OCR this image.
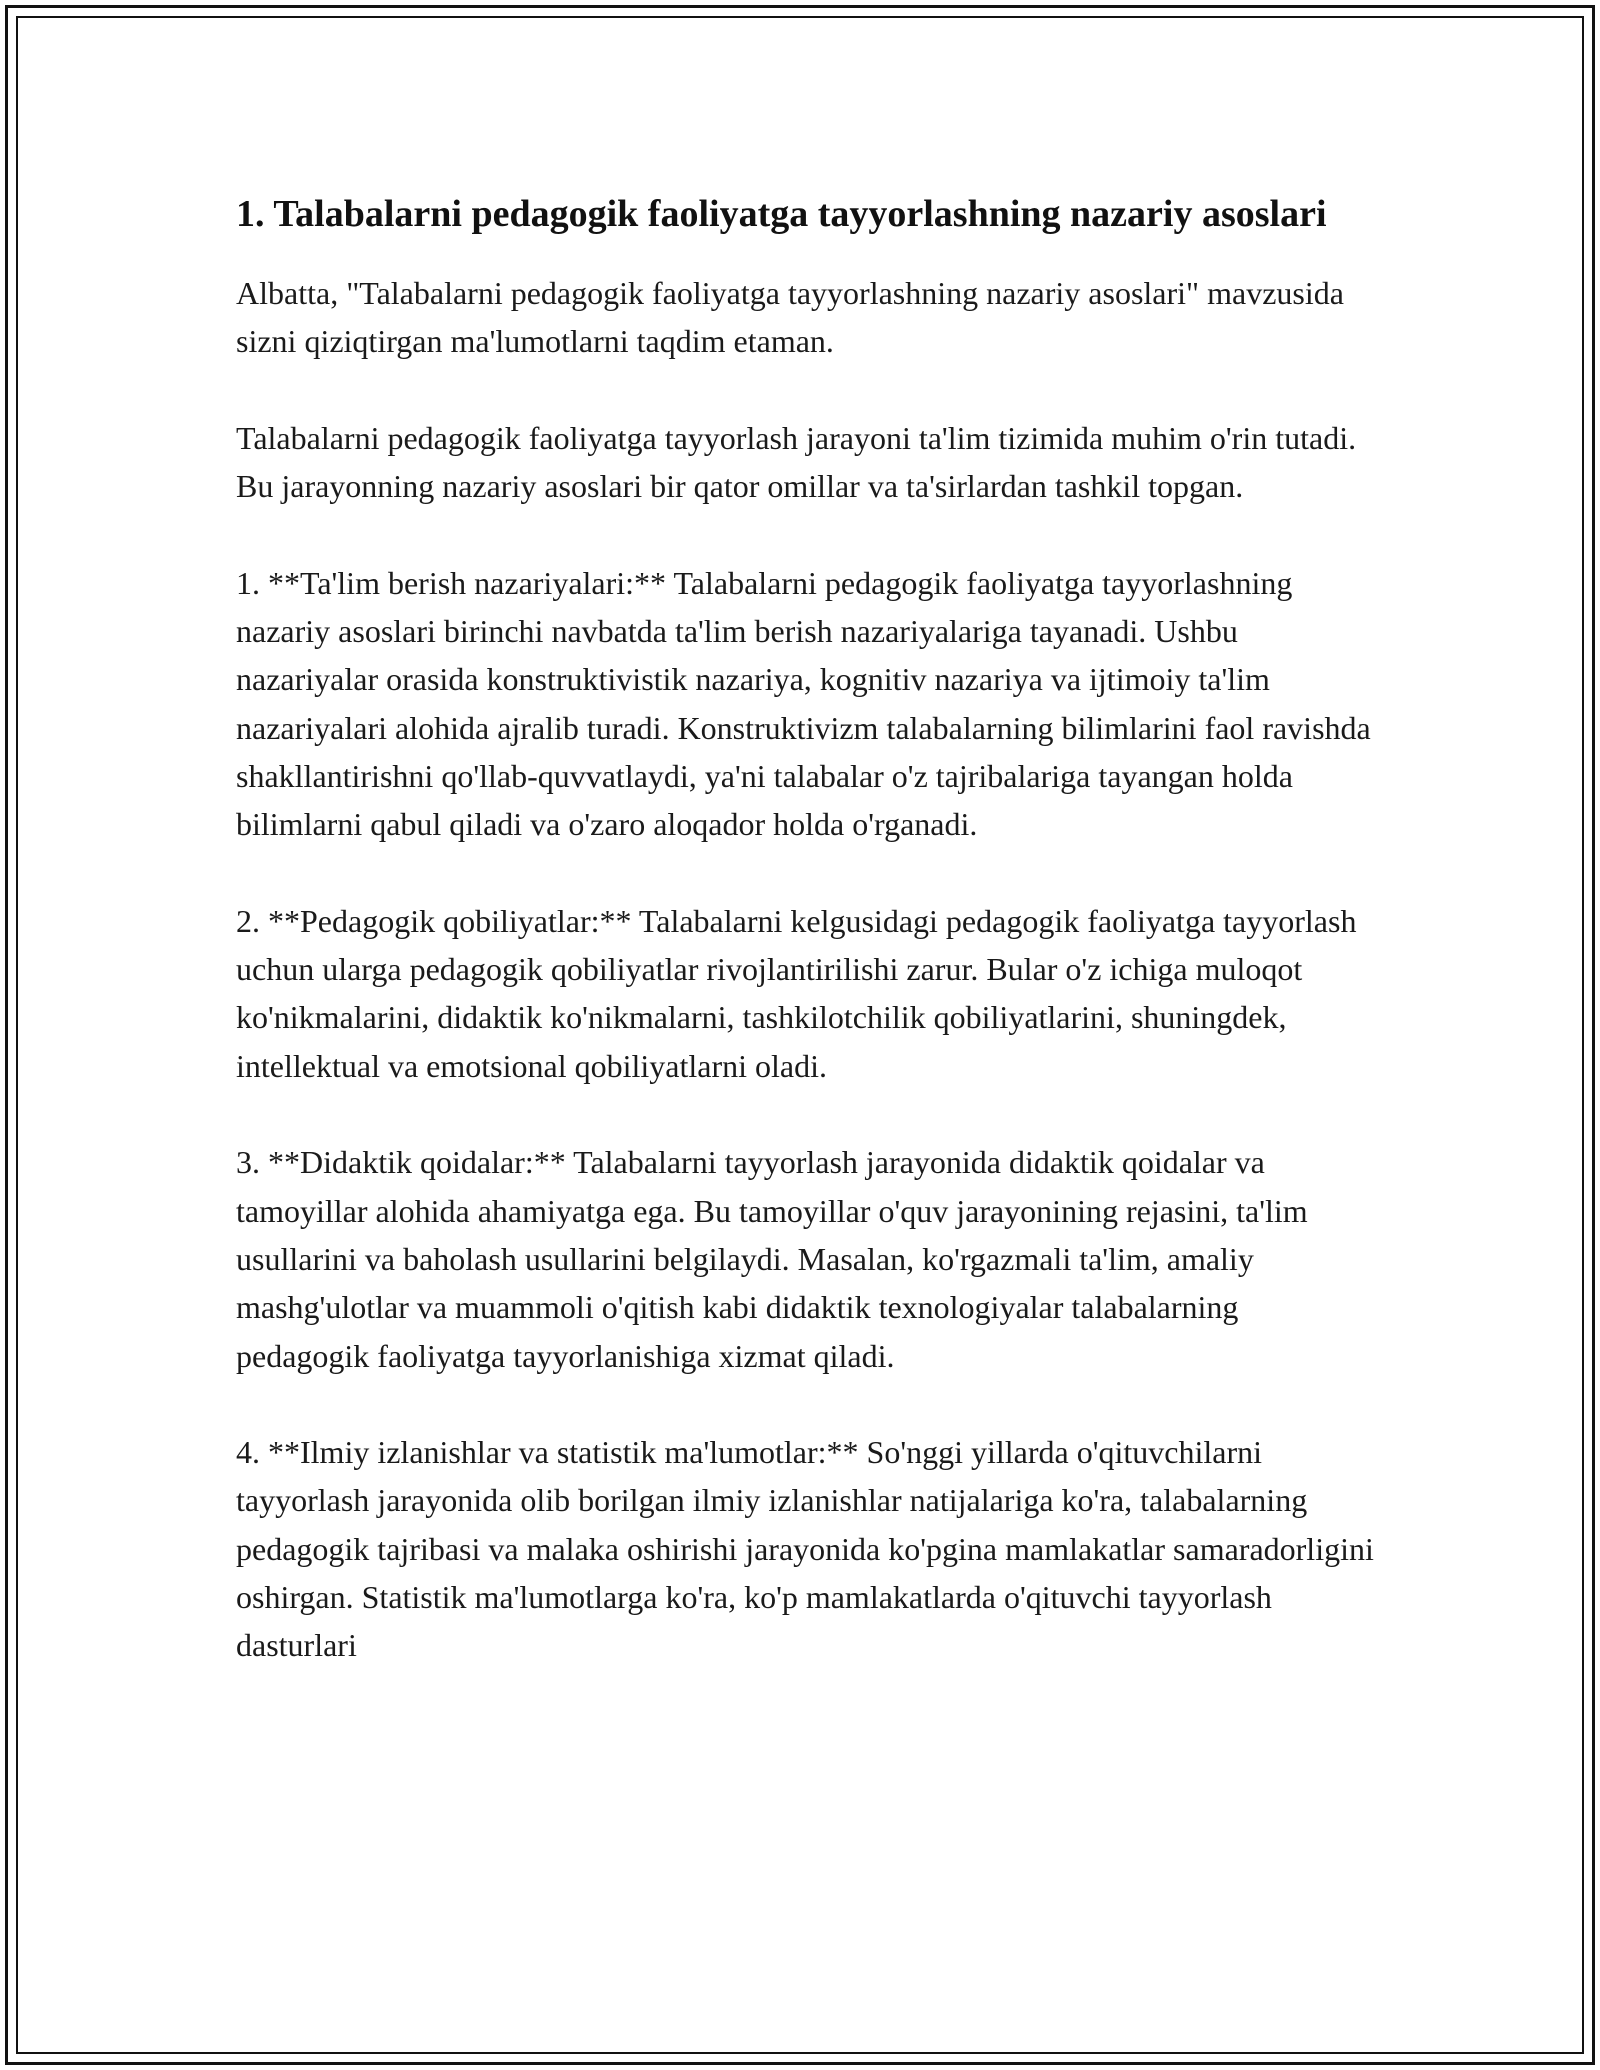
1. Talabalarni pedagogik faoliyatga tayyorlashning nazariy asoslari

Albatta, "Talabalarni pedagogik faoliyatga tayyorlashning nazariy asoslari" mavzusida sizni qiziqtirgan ma'lumotlarni taqdim etaman.

Talabalarni pedagogik faoliyatga tayyorlash jarayoni ta'lim tizimida muhim o'rin tutadi. Bu jarayonning nazariy asoslari bir qator omillar va ta'sirlardan tashkil topgan.

1. **Ta'lim berish nazariyalari:** Talabalarni pedagogik faoliyatga tayyorlashning nazariy asoslari birinchi navbatda ta'lim berish nazariyalariga tayanadi. Ushbu nazariyalar orasida konstruktivistik nazariya, kognitiv nazariya va ijtimoiy ta'lim nazariyalari alohida ajralib turadi. Konstruktivizm talabalarning bilimlarini faol ravishda shakllantirishni qo'llab-quvvatlaydi, ya'ni talabalar o'z tajribalariga tayangan holda bilimlarni qabul qiladi va o'zaro aloqador holda o'rganadi.

2. **Pedagogik qobiliyatlar:** Talabalarni kelgusidagi pedagogik faoliyatga tayyorlash uchun ularga pedagogik qobiliyatlar rivojlantirilishi zarur. Bular o'z ichiga muloqot ko'nikmalarini, didaktik ko'nikmalarni, tashkilotchilik qobiliyatlarini, shuningdek, intellektual va emotsional qobiliyatlarni oladi.

3. **Didaktik qoidalar:** Talabalarni tayyorlash jarayonida didaktik qoidalar va tamoyillar alohida ahamiyatga ega. Bu tamoyillar o'quv jarayonining rejasini, ta'lim usullarini va baholash usullarini belgilaydi. Masalan, ko'rgazmali ta'lim, amaliy mashg'ulotlar va muammoli o'qitish kabi didaktik texnologiyalar talabalarning pedagogik faoliyatga tayyorlanishiga xizmat qiladi.

4. **Ilmiy izlanishlar va statistik ma'lumotlar:** So'nggi yillarda o'qituvchilarni tayyorlash jarayonida olib borilgan ilmiy izlanishlar natijalariga ko'ra, talabalarning pedagogik tajribasi va malaka oshirishi jarayonida ko'pgina mamlakatlar samaradorligini oshirgan. Statistik ma'lumotlarga ko'ra, ko'p mamlakatlarda o'qituvchi tayyorlash dasturlari
